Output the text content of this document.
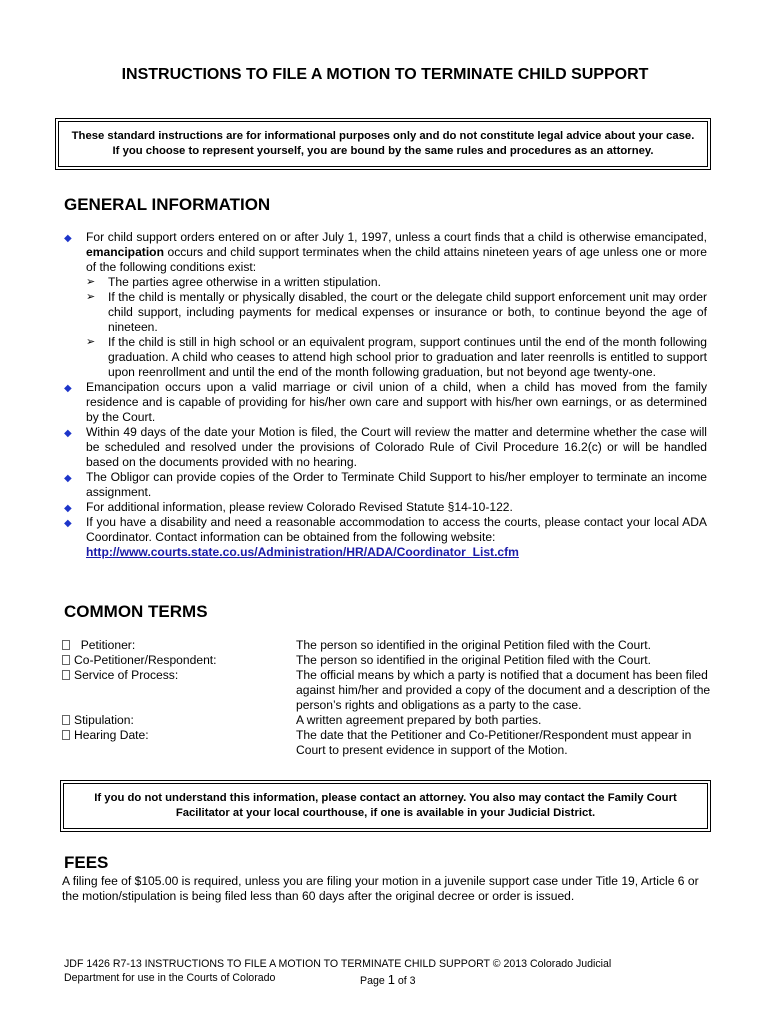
INSTRUCTIONS TO FILE A MOTION TO TERMINATE CHILD SUPPORT
These standard instructions are for informational purposes only and do not constitute legal advice about your case. If you choose to represent yourself, you are bound by the same rules and procedures as an attorney.
GENERAL INFORMATION
◆ For child support orders entered on or after July 1, 1997, unless a court finds that a child is otherwise emancipated, emancipation occurs and child support terminates when the child attains nineteen years of age unless one or more of the following conditions exist:
➢ The parties agree otherwise in a written stipulation.
➢ If the child is mentally or physically disabled, the court or the delegate child support enforcement unit may order child support, including payments for medical expenses or insurance or both, to continue beyond the age of nineteen.
➢ If the child is still in high school or an equivalent program, support continues until the end of the month following graduation. A child who ceases to attend high school prior to graduation and later reenrolls is entitled to support upon reenrollment and until the end of the month following graduation, but not beyond age twenty-one.
◆ Emancipation occurs upon a valid marriage or civil union of a child, when a child has moved from the family residence and is capable of providing for his/her own care and support with his/her own earnings, or as determined by the Court.
◆ Within 49 days of the date your Motion is filed, the Court will review the matter and determine whether the case will be scheduled and resolved under the provisions of Colorado Rule of Civil Procedure 16.2(c) or will be handled based on the documents provided with no hearing.
◆ The Obligor can provide copies of the Order to Terminate Child Support to his/her employer to terminate an income assignment.
◆ For additional information, please review Colorado Revised Statute §14-10-122.
◆ If you have a disability and need a reasonable accommodation to access the courts, please contact your local ADA Coordinator. Contact information can be obtained from the following website:
http://www.courts.state.co.us/Administration/HR/ADA/Coordinator_List.cfm
COMMON TERMS
Petitioner:	The person so identified in the original Petition filed with the Court.
Co-Petitioner/Respondent:	The person so identified in the original Petition filed with the Court.
Service of Process:	The official means by which a party is notified that a document has been filed against him/her and provided a copy of the document and a description of the person’s rights and obligations as a party to the case.
Stipulation:	A written agreement prepared by both parties.
Hearing Date:	The date that the Petitioner and Co-Petitioner/Respondent must appear in Court to present evidence in support of the Motion.
If you do not understand this information, please contact an attorney. You also may contact the Family Court Facilitator at your local courthouse, if one is available in your Judicial District.
FEES
A filing fee of $105.00 is required, unless you are filing your motion in a juvenile support case under Title 19, Article 6 or the motion/stipulation is being filed less than 60 days after the original decree or order is issued.
JDF 1426 R7-13 INSTRUCTIONS TO FILE A MOTION TO TERMINATE CHILD SUPPORT © 2013 Colorado Judicial
Department for use in the Courts of Colorado	Page 1 of 3
